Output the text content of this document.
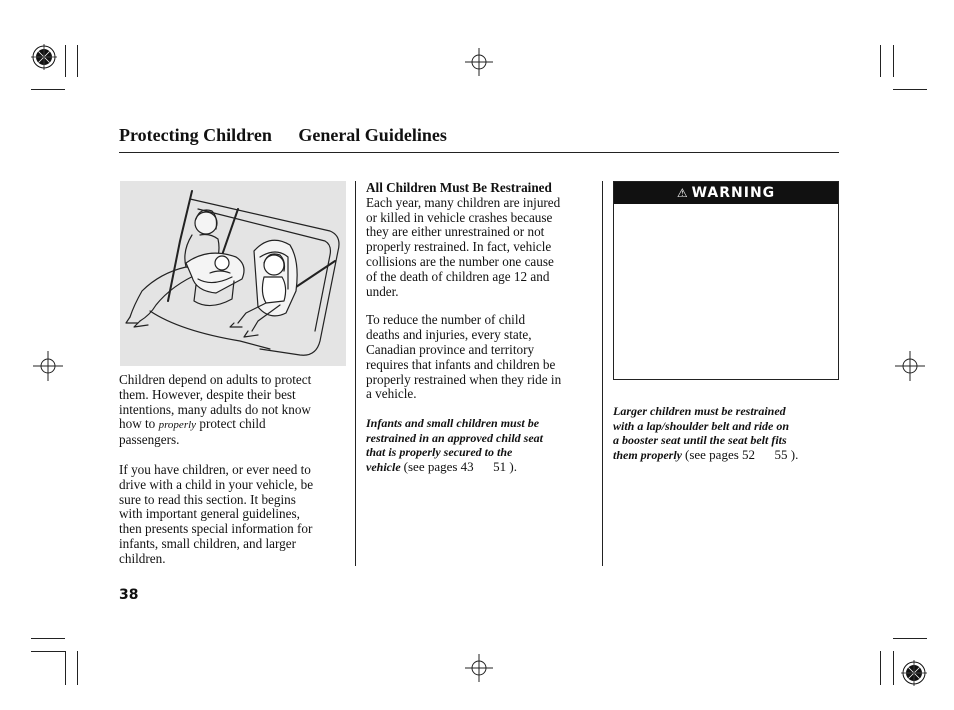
Protecting Children General Guidelines
Children depend on adults to protect
them. However, despite their best
intentions, many adults do not know
how to properly protect child
passengers.
If you have children, or ever need to
drive with a child in your vehicle, be
sure to read this section. It begins
with important general guidelines,
then presents special information for
infants, small children, and larger
children.
All Children Must Be Restrained
Each year, many children are injured
or killed in vehicle crashes because
they are either unrestrained or not
properly restrained. In fact, vehicle
collisions are the number one cause
of the death of children age 12 and
under.
To reduce the number of child
deaths and injuries, every state,
Canadian province and territory
requires that infants and children be
properly restrained when they ride in
a vehicle.
Infants and small children must be
restrained in an approved child seat
that is properly secured to the
vehicle (see pages 43      51 ).
⚠ WARNING
Larger children must be restrained
with a lap/shoulder belt and ride on
a booster seat until the seat belt fits
them properly (see pages 52      55 ).
38
